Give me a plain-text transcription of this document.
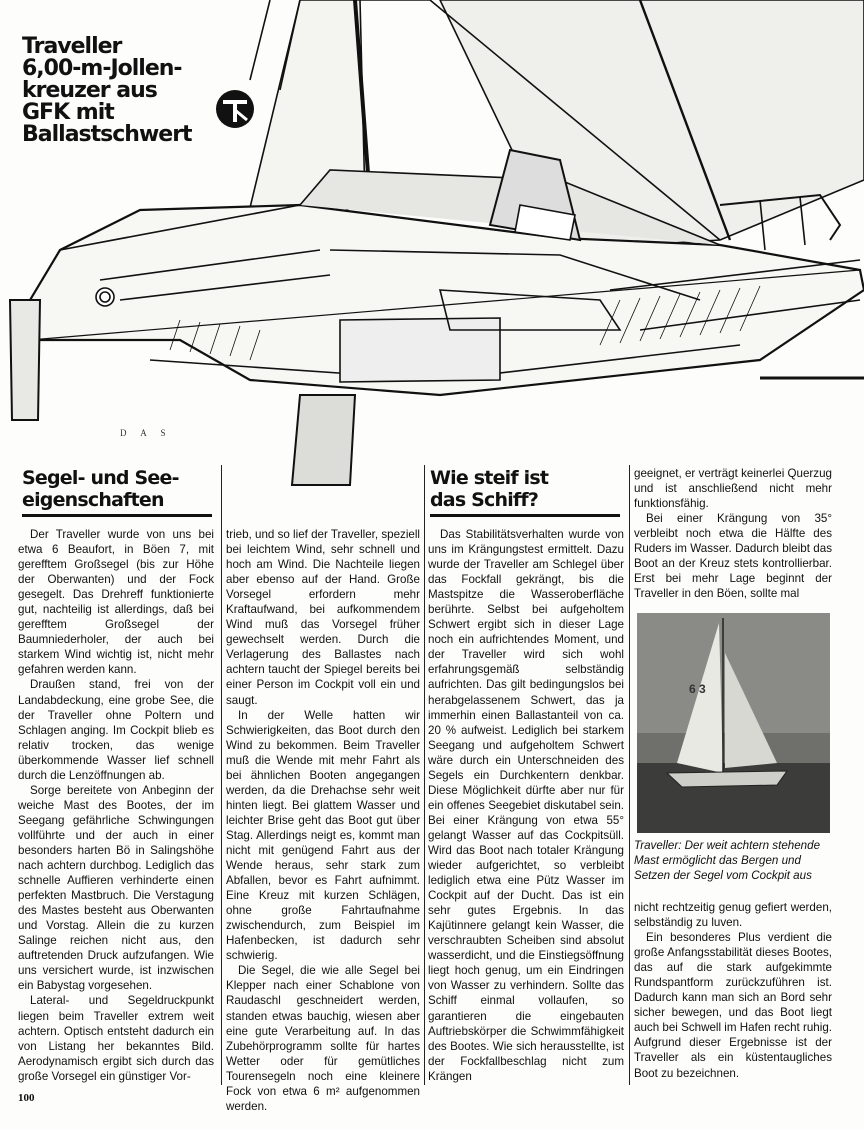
Traveller
6,00-m-Jollen-
kreuzer aus
GFK mit
Ballastschwert
D A S
Segel- und See-
eigenschaften
Wie steif ist
das Schiff?

Der Traveller wurde von uns bei etwa 6 Beaufort, in Böen 7, mit gerefftem Großsegel (bis zur Höhe der Oberwanten) und der Fock gesegelt. Das Drehreff funktionierte gut, nachteilig ist allerdings, daß bei gerefftem Großsegel der Baumniederholer, der auch bei starkem Wind wichtig ist, nicht mehr gefahren werden kann.

Draußen stand, frei von der Landabdeckung, eine grobe See, die der Traveller ohne Poltern und Schlagen anging. Im Cockpit blieb es relativ trocken, das wenige überkommende Wasser lief schnell durch die Lenzöffnungen ab.

Sorge bereitete von Anbeginn der weiche Mast des Bootes, der im Seegang gefährliche Schwingungen vollführte und der auch in einer besonders harten Bö in Salingshöhe nach achtern durchbog. Lediglich das schnelle Auffieren verhinderte einen perfekten Mastbruch. Die Verstagung des Mastes besteht aus Oberwanten und Vorstag. Allein die zu kurzen Salinge reichen nicht aus, den auftretenden Druck aufzufangen. Wie uns versichert wurde, ist inzwischen ein Babystag vorgesehen.

Lateral- und Segeldruckpunkt liegen beim Traveller extrem weit achtern. Optisch entsteht dadurch ein von Listang her bekanntes Bild. Aerodynamisch ergibt sich durch das große Vorsegel ein günstiger Vor-

trieb, und so lief der Traveller, speziell bei leichtem Wind, sehr schnell und hoch am Wind. Die Nachteile liegen aber ebenso auf der Hand. Große Vorsegel erfordern mehr Kraftaufwand, bei aufkommendem Wind muß das Vorsegel früher gewechselt werden. Durch die Verlagerung des Ballastes nach achtern taucht der Spiegel bereits bei einer Person im Cockpit voll ein und saugt.

In der Welle hatten wir Schwierigkeiten, das Boot durch den Wind zu bekommen. Beim Traveller muß die Wende mit mehr Fahrt als bei ähnlichen Booten angegangen werden, da die Drehachse sehr weit hinten liegt. Bei glattem Wasser und leichter Brise geht das Boot gut über Stag. Allerdings neigt es, kommt man nicht mit genügend Fahrt aus der Wende heraus, sehr stark zum Abfallen, bevor es Fahrt aufnimmt. Eine Kreuz mit kurzen Schlägen, ohne große Fahrtaufnahme zwischendurch, zum Beispiel im Hafenbecken, ist dadurch sehr schwierig.

Die Segel, die wie alle Segel bei Klepper nach einer Schablone von Raudaschl geschneidert werden, standen etwas bauchig, wiesen aber eine gute Verarbeitung auf. In das Zubehörprogramm sollte für hartes Wetter oder für gemütliches Tourensegeln noch eine kleinere Fock von etwa 6 m² aufgenommen werden.

Das Stabilitätsverhalten wurde von uns im Krängungstest ermittelt. Dazu wurde der Traveller am Schlegel über das Fockfall gekrängt, bis die Mastspitze die Wasseroberfläche berührte. Selbst bei aufgeholtem Schwert ergibt sich in dieser Lage noch ein aufrichtendes Moment, und der Traveller wird sich wohl erfahrungsgemäß selbständig aufrichten. Das gilt bedingungslos bei herabgelassenem Schwert, das ja immerhin einen Ballastanteil von ca. 20 % aufweist. Lediglich bei starkem Seegang und aufgeholtem Schwert wäre durch ein Unterschneiden des Segels ein Durchkentern denkbar. Diese Möglichkeit dürfte aber nur für ein offenes Seegebiet diskutabel sein. Bei einer Krängung von etwa 55° gelangt Wasser auf das Cockpitsüll. Wird das Boot nach totaler Krängung wieder aufgerichtet, so verbleibt lediglich etwa eine Pütz Wasser im Cockpit auf der Ducht. Das ist ein sehr gutes Ergebnis. In das Kajütinnere gelangt kein Wasser, die verschraubten Scheiben sind absolut wasserdicht, und die Einstiegsöffnung liegt hoch genug, um ein Eindringen von Wasser zu verhindern. Sollte das Schiff einmal vollaufen, so garantieren die eingebauten Auftriebskörper die Schwimmfähigkeit des Bootes. Wie sich herausstellte, ist der Fockfallbeschlag nicht zum Krängen

geeignet, er verträgt keinerlei Querzug und ist anschließend nicht mehr funktionsfähig.

Bei einer Krängung von 35° verbleibt noch etwa die Hälfte des Ruders im Wasser. Dadurch bleibt das Boot an der Kreuz stets kontrollierbar. Erst bei mehr Lage beginnt der Traveller in den Böen, sollte mal

6 3
Traveller: Der weit achtern stehende Mast ermöglicht das Bergen und Setzen der Segel vom Cockpit aus

nicht rechtzeitig genug gefiert werden, selbständig zu luven.

Ein besonderes Plus verdient die große Anfangsstabilität dieses Bootes, das auf die stark aufgekimmte Rundspantform zurückzuführen ist. Dadurch kann man sich an Bord sehr sicher bewegen, und das Boot liegt auch bei Schwell im Hafen recht ruhig. Aufgrund dieser Ergebnisse ist der Traveller als ein küstentaugliches Boot zu bezeichnen.

100
